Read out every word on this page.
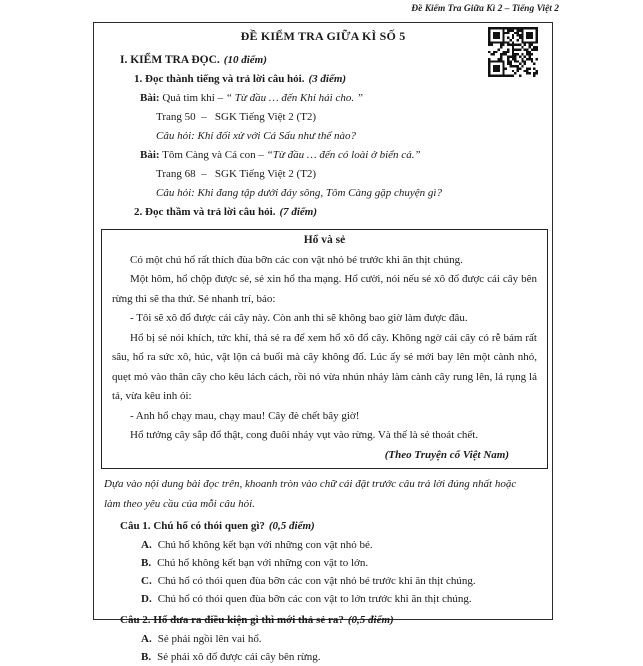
Đề Kiểm Tra Giữa Kì 2 – Tiếng Việt 2
ĐỀ KIỂM TRA GIỮA KÌ SỐ 5
I. KIỂM TRA ĐỌC. (10 điểm)
1. Đọc thành tiếng và trả lời câu hỏi. (3 điểm)
Bài: Quả tim khỉ – “ Từ đầu … đến Khỉ hái cho. ”
Trang 50  –   SGK Tiếng Việt 2 (T2)
Câu hỏi: Khỉ đối xử với Cá Sấu như thế nào?
Bài: Tôm Càng và Cá con – “Từ đầu … đến có loài ở biển cả.”
Trang 68  –   SGK Tiếng Việt 2 (T2)
Câu hỏi: Khi đang tập dưới đáy sông, Tôm Càng gặp chuyện gì?
2. Đọc thầm và trả lời câu hỏi. (7 điểm)
Hổ và sẻ
Có một chú hổ rất thích đùa bỡn các con vật nhỏ bé trước khi ăn thịt chúng.
Một hôm, hổ chộp được sẻ, sẻ xin hổ tha mạng. Hổ cười, nói nếu sẻ xô đổ được cái cây bên rừng thì sẽ tha thứ. Sẻ nhanh trí, bảo:
- Tôi sẽ xô đổ được cái cây này. Còn anh thì sẽ không bao giờ làm được đâu.
Hổ bị sẻ nói khích, tức khí, thả sẻ ra để xem hổ xô đổ cây. Không ngờ cái cây có rễ bám rất sâu, hổ ra sức xô, húc, vật lộn cả buổi mà cây không đổ. Lúc ấy sẻ mới bay lên một cành nhỏ, quẹt mỏ vào thân cây cho kêu lách cách, rồi nó vừa nhún nhảy làm cành cây rung lên, lá rụng lả tả, vừa kêu inh ỏi:
- Anh hổ chạy mau, chạy mau! Cây đè chết bây giờ!
Hổ tưởng cây sắp đổ thật, cong đuôi nhảy vụt vào rừng. Và thế là sẻ thoát chết.
(Theo Truyện cổ Việt Nam)
Dựa vào nội dung bài đọc trên, khoanh tròn vào chữ cái đặt trước câu trả lời đúng nhất hoặc
làm theo yêu cầu của mỗi câu hỏi.
Câu 1. Chú hổ có thói quen gì? (0,5 điểm)
A. Chú hổ không kết bạn với những con vật nhỏ bé.
B. Chú hổ không kết bạn với những con vật to lớn.
C. Chú hổ có thói quen đùa bỡn các con vật nhỏ bé trước khi ăn thịt chúng.
D. Chú hổ có thói quen đùa bỡn các con vật to lớn trước khi ăn thịt chúng.
Câu 2. Hổ đưa ra điều kiện gì thì mới thả sẻ ra? (0,5 điểm)
A. Sẻ phải ngồi lên vai hổ.
B. Sẻ phải xô đổ được cái cây bên rừng.
